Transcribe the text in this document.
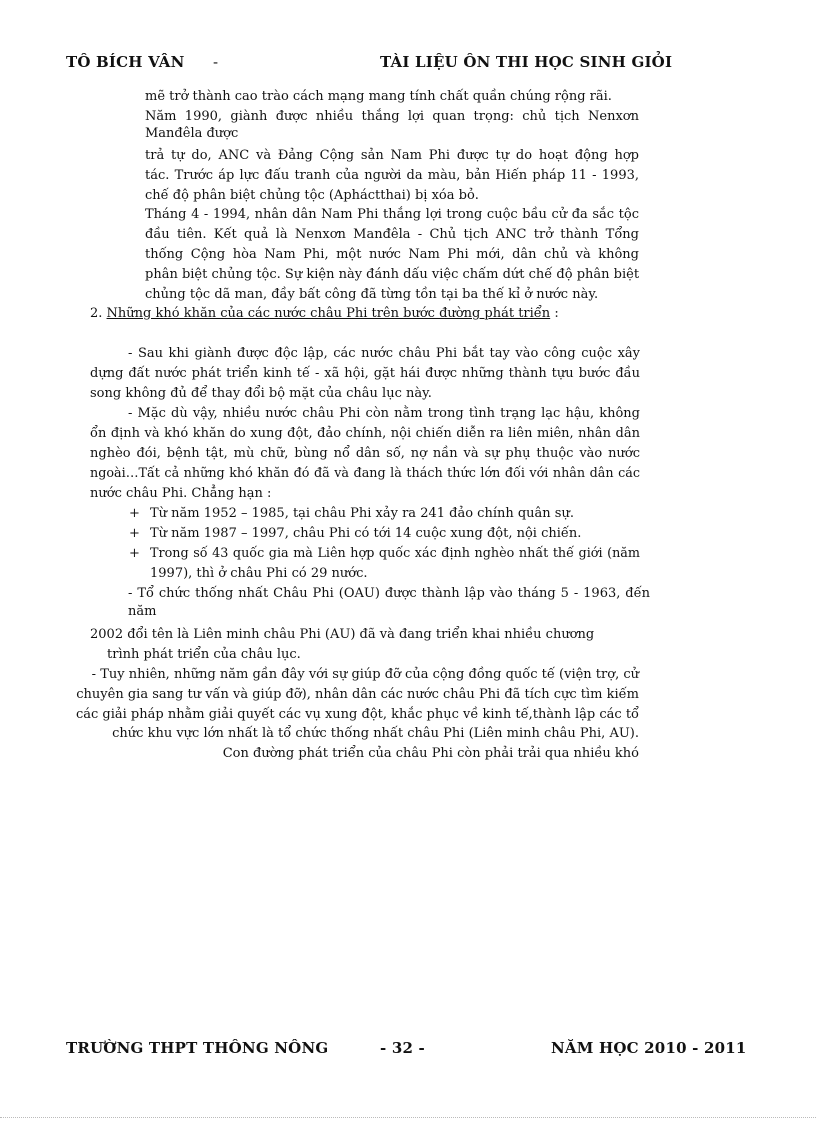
TÔ BÍCH VÂN -	TÀI LIỆU ÔN THI HỌC SINH GIỎI
mẽ trở thành cao trào cách mạng mang tính chất quần chúng rộng rãi.
Năm 1990, giành được nhiều thắng lợi quan trọng: chủ tịch Nenxơn
Manđêla được
trả tự do, ANC và Đảng Cộng sản Nam Phi được tự do hoạt động hợp
tác. Trước áp lực đấu tranh của người da màu, bản Hiến pháp 11 - 1993,
chế độ phân biệt chủng tộc (Apháctthai) bị xóa bỏ.
Tháng 4 - 1994, nhân dân Nam Phi thắng lợi trong cuộc bầu cử đa sắc tộc
đầu tiên. Kết quả là Nenxơn Manđêla - Chủ tịch ANC trở thành Tổng
thống Cộng hòa Nam Phi, một nước Nam Phi mới, dân chủ và không
phân biệt chủng tộc. Sự kiện này đánh dấu việc chấm dứt chế độ phân biệt
chủng tộc dã man, đầy bất công đã từng tồn tại ba thế kỉ ở nước này.
2. Những khó khăn của các nước châu Phi trên bước đường phát triển :
- Sau khi giành được độc lập, các nước châu Phi bắt tay vào công cuộc xây
dựng đất nước phát triển kinh tế - xã hội, gặt hái được những thành tựu bước đầu
song không đủ để thay đổi bộ mặt của châu lục này.
- Mặc dù vậy, nhiều nước châu Phi còn nằm trong tình trạng lạc hậu, không
ổn định và khó khăn do xung đột, đảo chính, nội chiến diễn ra liên miên, nhân dân
nghèo đói, bệnh tật, mù chữ, bùng nổ dân số, nợ nần và sự phụ thuộc vào nước
ngoài…Tất cả những khó khăn đó đã và đang là thách thức lớn đối với nhân dân các
nước châu Phi. Chẳng hạn :
+ Từ năm 1952 – 1985, tại châu Phi xảy ra 241 đảo chính quân sự.
+ Từ năm 1987 – 1997, châu Phi có tới 14 cuộc xung đột, nội chiến.
+ Trong số 43 quốc gia mà Liên hợp quốc xác định nghèo nhất thế giới (năm
1997), thì ở châu Phi có 29 nước.
- Tổ chức thống nhất Châu Phi (OAU) được thành lập vào tháng 5 - 1963, đến
năm
2002 đổi tên là Liên minh châu Phi (AU) đã và đang triển khai nhiều chương
trình phát triển của châu lục.
- Tuy nhiên, những năm gần đây với sự giúp đỡ của cộng đồng quốc tế (viện trợ, cử
chuyên gia sang tư vấn và giúp đỡ), nhân dân các nước châu Phi đã tích cực tìm kiếm
các giải pháp nhằm giải quyết các vụ xung đột, khắc phục về kinh tế,thành lập các tổ
chức khu vực lớn nhất là tổ chức thống nhất châu Phi (Liên minh châu Phi, AU).
Con đường phát triển của châu Phi còn phải trải qua nhiều khó
TRƯỜNG THPT THÔNG NÔNG	- 32 -	NĂM HỌC 2010 - 2011
